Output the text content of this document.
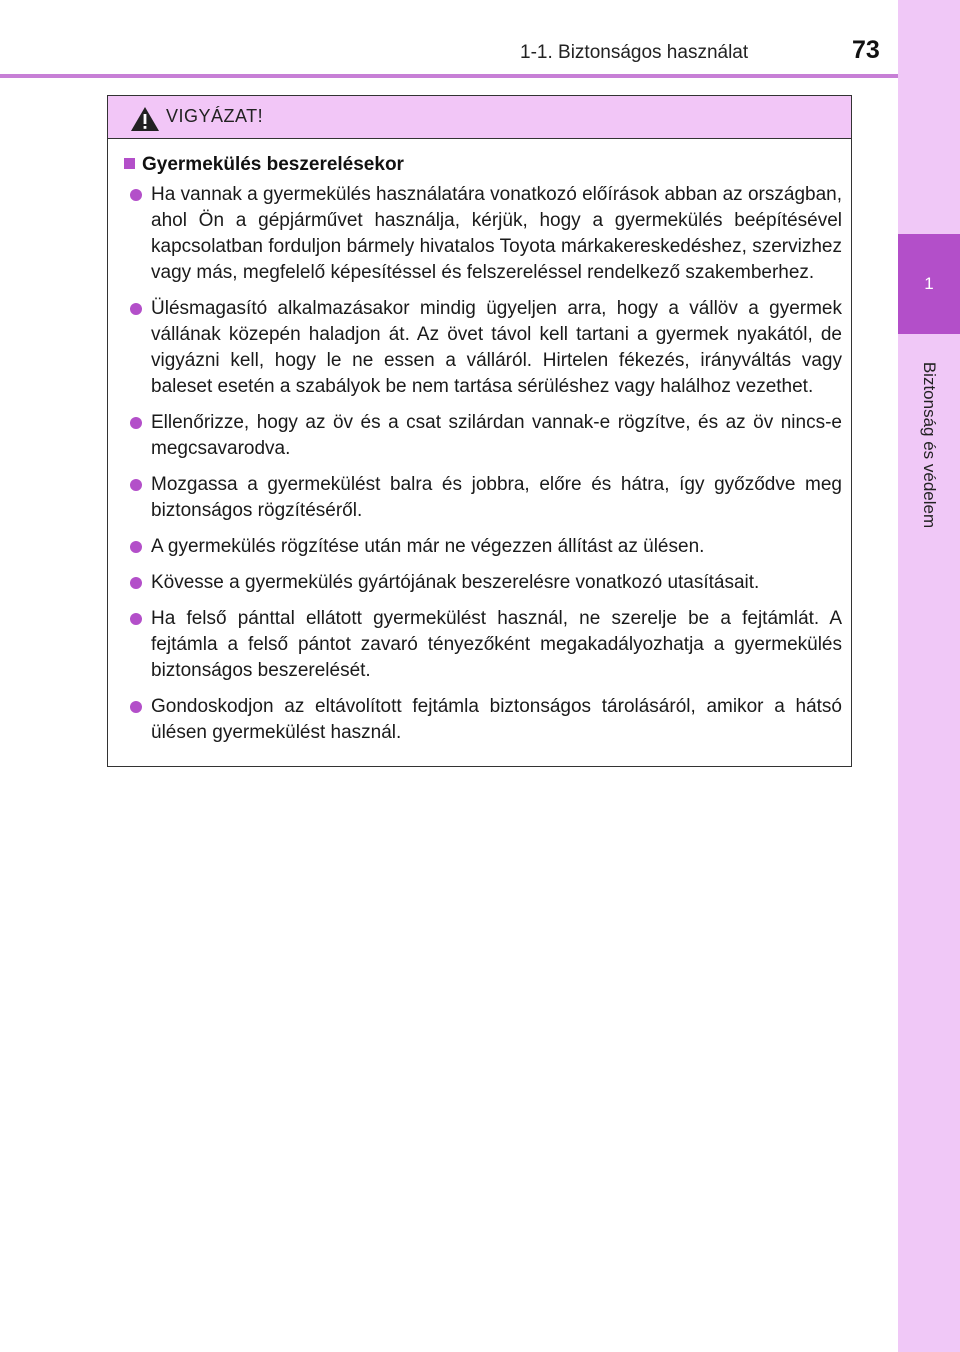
1-1. Biztonságos használat	73
1
Biztonság és védelem
VIGYÁZAT!
Gyermekülés beszerelésekor
Ha vannak a gyermekülés használatára vonatkozó előírások abban az országban, ahol Ön a gépjárművet használja, kérjük, hogy a gyermekülés beépítésével kapcsolatban forduljon bármely hivatalos Toyota márkakereskedéshez, szervizhez vagy más, megfelelő képesítéssel és felszereléssel rendelkező szakemberhez.
Ülésmagasító alkalmazásakor mindig ügyeljen arra, hogy a vállöv a gyermek vállának közepén haladjon át. Az övet távol kell tartani a gyermek nyakától, de vigyázni kell, hogy le ne essen a válláról. Hirtelen fékezés, irányváltás vagy baleset esetén a szabályok be nem tartása sérüléshez vagy halálhoz vezethet.
Ellenőrizze, hogy az öv és a csat szilárdan vannak-e rögzítve, és az öv nincs-e megcsavarodva.
Mozgassa a gyermekülést balra és jobbra, előre és hátra, így győződve meg biztonságos rögzítéséről.
A gyermekülés rögzítése után már ne végezzen állítást az ülésen.
Kövesse a gyermekülés gyártójának beszerelésre vonatkozó utasításait.
Ha felső pánttal ellátott gyermekülést használ, ne szerelje be a fejtámlát. A fejtámla a felső pántot zavaró tényezőként megakadályozhatja a gyermekülés biztonságos beszerelését.
Gondoskodjon az eltávolított fejtámla biztonságos tárolásáról, amikor a hátsó ülésen gyermekülést használ.
